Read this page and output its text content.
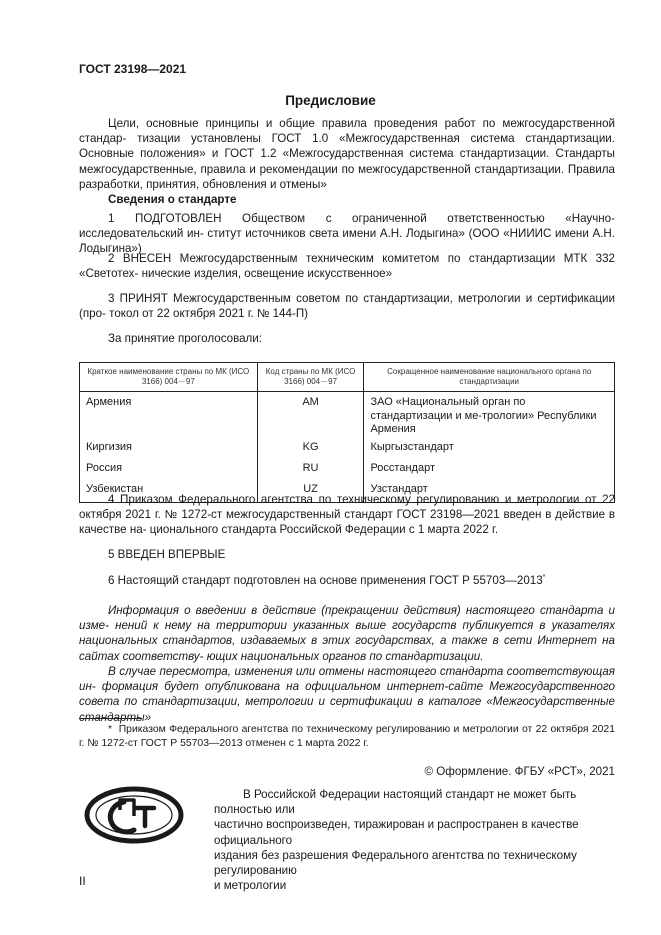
ГОСТ 23198—2021
Предисловие
Цели, основные принципы и общие правила проведения работ по межгосударственной стандар- тизации установлены ГОСТ 1.0 «Межгосударственная система стандартизации. Основные положения» и ГОСТ 1.2 «Межгосударственная система стандартизации. Стандарты межгосударственные, правила и рекомендации по межгосударственной стандартизации. Правила разработки, принятия, обновления и отмены»
Сведения о стандарте
1 ПОДГОТОВЛЕН Обществом с ограниченной ответственностью «Научно-исследовательский ин- ститут источников света имени А.Н. Лодыгина» (ООО «НИИИС имени А.Н. Лодыгина»)
2 ВНЕСЕН Межгосударственным техническим комитетом по стандартизации МТК 332 «Светотех- нические изделия, освещение искусственное»
3 ПРИНЯТ Межгосударственным советом по стандартизации, метрологии и сертификации (про- токол от 22 октября 2021 г. № 144-П)
За принятие проголосовали:
Краткое наименование страны по МК (ИСО 3166) 004－97	Код страны по МК (ИСО 3166) 004－97	Сокращенное наименование национального органа по стандартизации
Армения	AM	ЗАО «Национальный орган по стандартизации и ме-трологии» Республики Армения
Киргизия	KG	Кыргызстандарт
Россия	RU	Росстандарт
Узбекистан	UZ	Узстандарт
4 Приказом Федерального агентства по техническому регулированию и метрологии от 22 октября 2021 г. № 1272-ст межгосударственный стандарт ГОСТ 23198—2021 введен в действие в качестве на- ционального стандарта Российской Федерации с 1 марта 2022 г.
5 ВВЕДЕН ВПЕРВЫЕ
6 Настоящий стандарт подготовлен на основе применения ГОСТ Р 55703—2013*
Информация о введении в действие (прекращении действия) настоящего стандарта и изме- нений к нему на территории указанных выше государств публикуется в указателях национальных стандартов, издаваемых в этих государствах, а также в сети Интернет на сайтах соответству- ющих национальных органов по стандартизации.
В случае пересмотра, изменения или отмены настоящего стандарта соответствующая ин- формация будет опубликована на официальном интернет-сайте Межгосударственного совета по стандартизации, метрологии и сертификации в каталоге «Межгосударственные стандарты»
* Приказом Федерального агентства по техническому регулированию и метрологии от 22 октября 2021 г. № 1272-ст ГОСТ Р 55703—2013 отменен с 1 марта 2022 г.
© Оформление. ФГБУ «РСТ», 2021
В Российской Федерации настоящий стандарт не может быть полностью или
частично воспроизведен, тиражирован и распространен в качестве официального
издания без разрешения Федерального агентства по техническому регулированию
и метрологии
II
